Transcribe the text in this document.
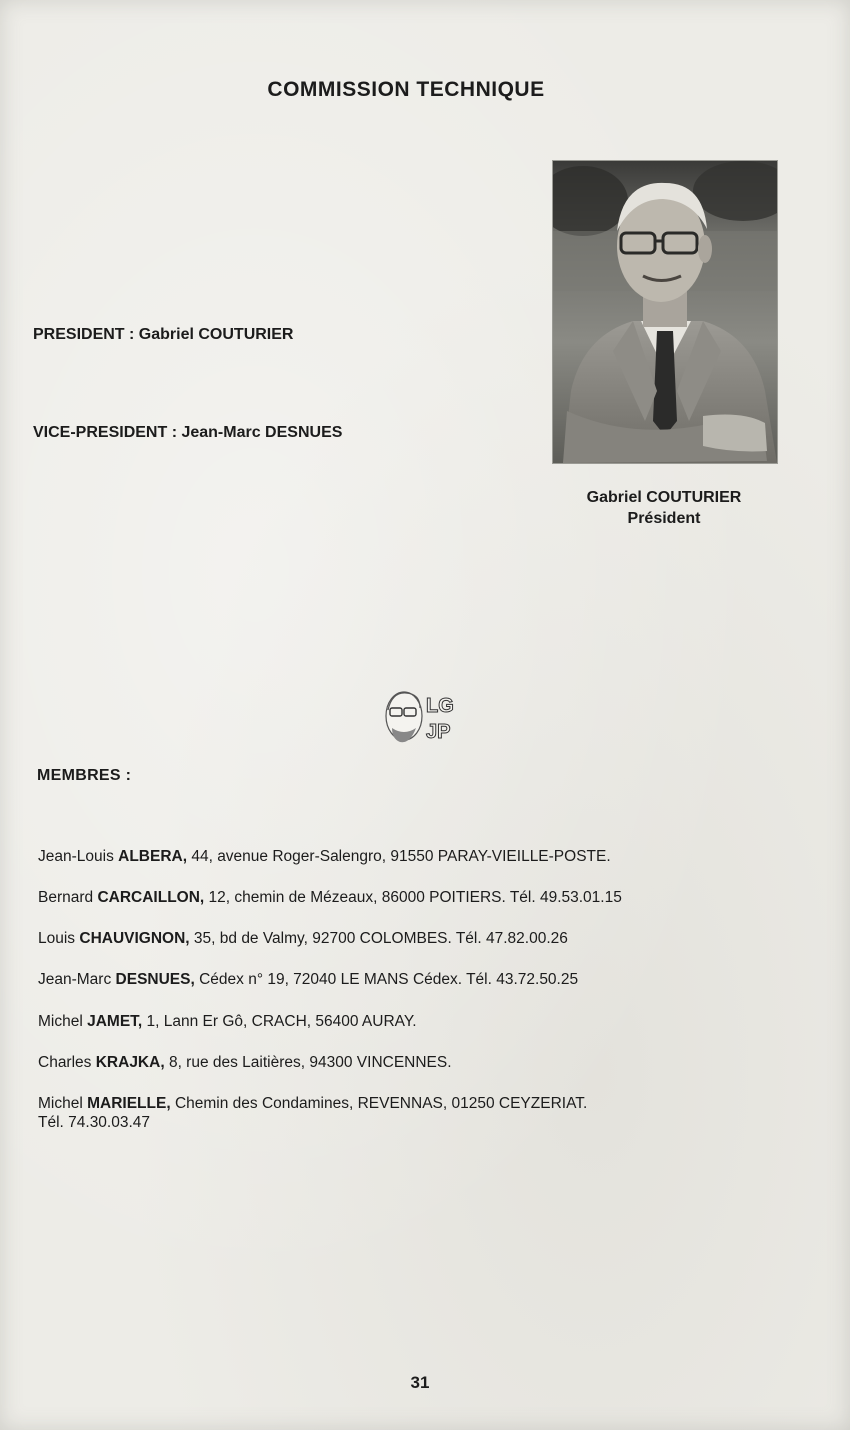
COMMISSION TECHNIQUE
PRESIDENT : Gabriel COUTURIER
VICE-PRESIDENT : Jean-Marc DESNUES
Gabriel COUTURIER
Président
LG
JP
MEMBRES :
Jean-Louis ALBERA, 44, avenue Roger-Salengro, 91550 PARAY-VIEILLE-POSTE.
Bernard CARCAILLON, 12, chemin de Mézeaux, 86000 POITIERS. Tél. 49.53.01.15
Louis CHAUVIGNON, 35, bd de Valmy, 92700 COLOMBES. Tél. 47.82.00.26
Jean-Marc DESNUES, Cédex n° 19, 72040 LE MANS Cédex. Tél. 43.72.50.25
Michel JAMET, 1, Lann Er Gô, CRACH, 56400 AURAY.
Charles KRAJKA, 8, rue des Laitières, 94300 VINCENNES.
Michel MARIELLE, Chemin des Condamines, REVENNAS, 01250 CEYZERIAT.
Tél. 74.30.03.47
31
